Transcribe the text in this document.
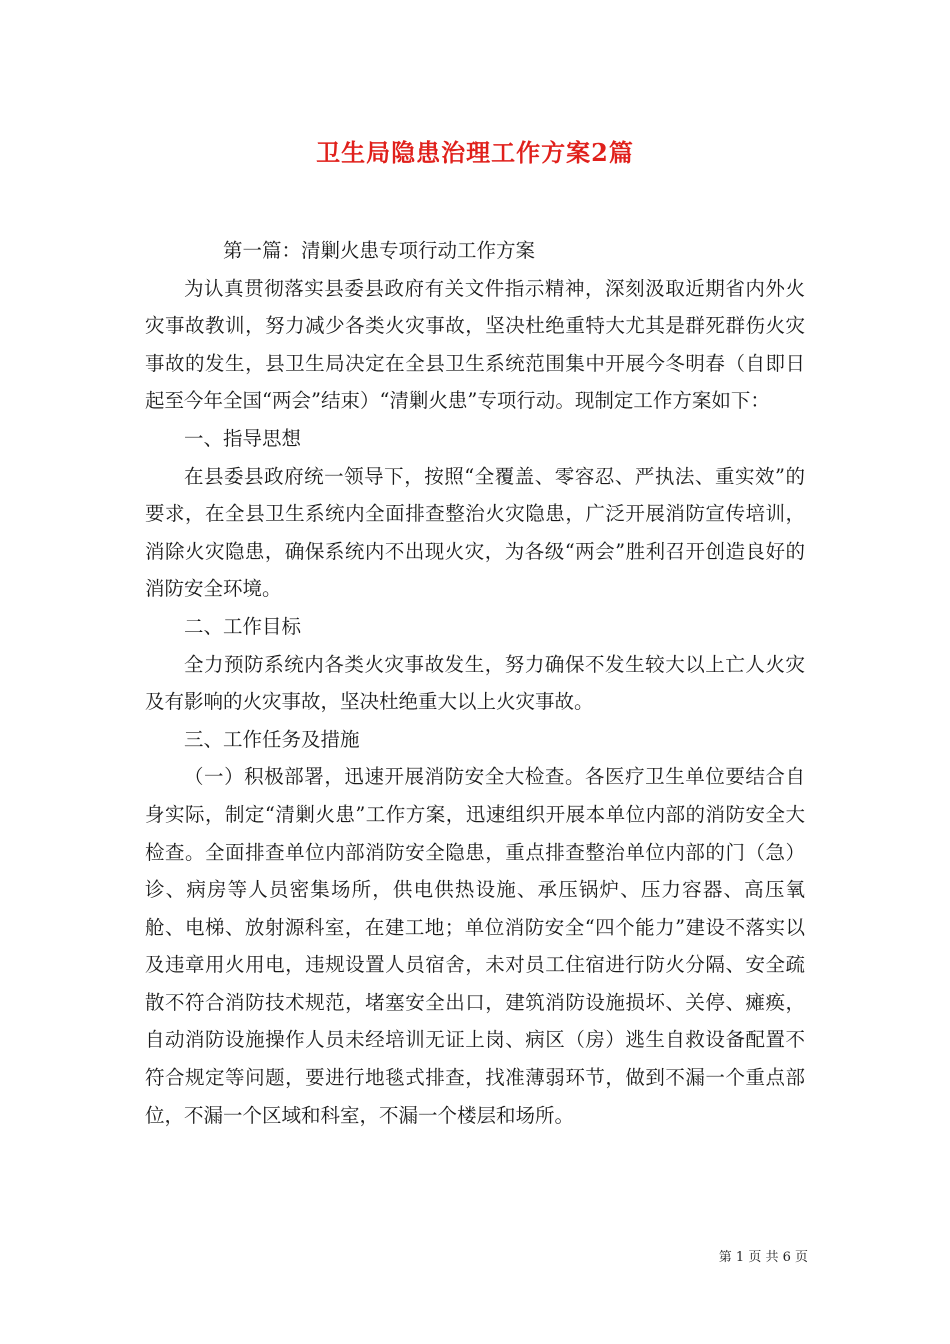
卫生局隐患治理工作方案2篇

第一篇：清剿火患专项行动工作方案

为认真贯彻落实县委县政府有关文件指示精神，深刻汲取近期省内外火灾事故教训，努力减少各类火灾事故，坚决杜绝重特大尤其是群死群伤火灾事故的发生，县卫生局决定在全县卫生系统范围集中开展今冬明春（自即日起至今年全国“两会”结束）“清剿火患”专项行动。现制定工作方案如下：

一、指导思想

在县委县政府统一领导下，按照“全覆盖、零容忍、严执法、重实效”的要求，在全县卫生系统内全面排查整治火灾隐患，广泛开展消防宣传培训，消除火灾隐患，确保系统内不出现火灾，为各级“两会”胜利召开创造良好的消防安全环境。

二、工作目标

全力预防系统内各类火灾事故发生，努力确保不发生较大以上亡人火灾及有影响的火灾事故，坚决杜绝重大以上火灾事故。

三、工作任务及措施

（一）积极部署，迅速开展消防安全大检查。各医疗卫生单位要结合自身实际，制定“清剿火患”工作方案，迅速组织开展本单位内部的消防安全大检查。全面排查单位内部消防安全隐患，重点排查整治单位内部的门（急）诊、病房等人员密集场所，供电供热设施、承压锅炉、压力容器、高压氧舱、电梯、放射源科室，在建工地；单位消防安全“四个能力”建设不落实以及违章用火用电，违规设置人员宿舍，未对员工住宿进行防火分隔、安全疏散不符合消防技术规范，堵塞安全出口，建筑消防设施损坏、关停、瘫痪，自动消防设施操作人员未经培训无证上岗、病区（房）逃生自救设备配置不符合规定等问题，要进行地毯式排查，找准薄弱环节，做到不漏一个重点部位，不漏一个区域和科室，不漏一个楼层和场所。

第 1 页 共 6 页
